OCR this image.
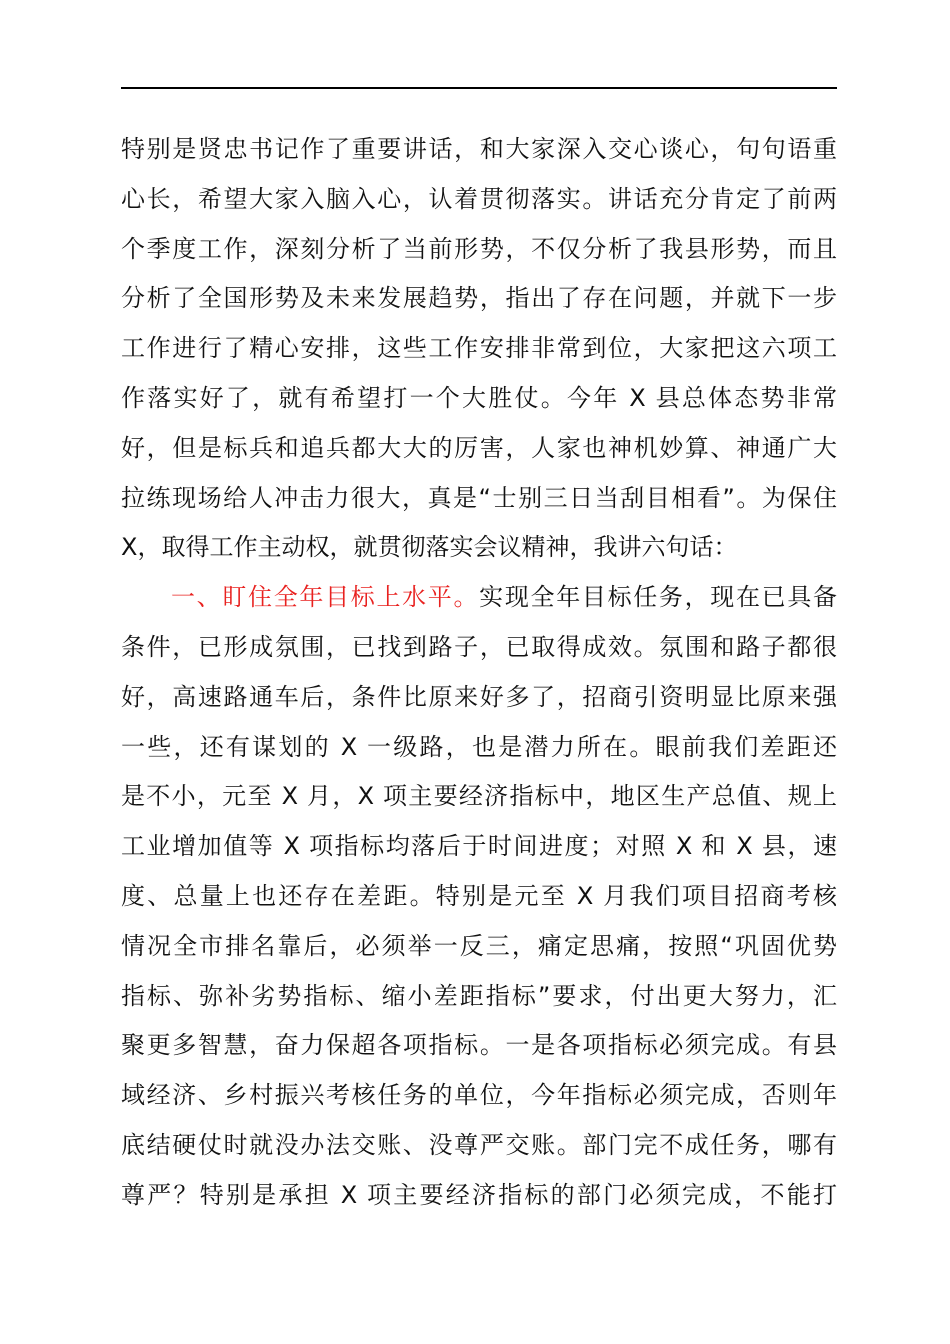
特别是贤忠书记作了重要讲话，和大家深入交心谈心，句句语重
心长，希望大家入脑入心，认着贯彻落实。讲话充分肯定了前两
个季度工作，深刻分析了当前形势，不仅分析了我县形势，而且
分析了全国形势及未来发展趋势，指出了存在问题，并就下一步
工作进行了精心安排，这些工作安排非常到位，大家把这六项工
作落实好了，就有希望打一个大胜仗。今年 X 县总体态势非常
好，但是标兵和追兵都大大的厉害，人家也神机妙算、神通广大
拉练现场给人冲击力很大，真是“士别三日当刮目相看”。为保住
X，取得工作主动权，就贯彻落实会议精神，我讲六句话：
一、盯住全年目标上水平。实现全年目标任务，现在已具备
条件，已形成氛围，已找到路子，已取得成效。氛围和路子都很
好，高速路通车后，条件比原来好多了，招商引资明显比原来强
一些，还有谋划的 X 一级路，也是潜力所在。眼前我们差距还
是不小，元至 X 月，X 项主要经济指标中，地区生产总值、规上
工业增加值等 X 项指标均落后于时间进度；对照 X 和 X 县，速
度、总量上也还存在差距。特别是元至 X 月我们项目招商考核
情况全市排名靠后，必须举一反三，痛定思痛，按照“巩固优势
指标、弥补劣势指标、缩小差距指标”要求，付出更大努力，汇
聚更多智慧，奋力保超各项指标。一是各项指标必须完成。有县
域经济、乡村振兴考核任务的单位，今年指标必须完成，否则年
底结硬仗时就没办法交账、没尊严交账。部门完不成任务，哪有
尊严？特别是承担 X 项主要经济指标的部门必须完成，不能打
